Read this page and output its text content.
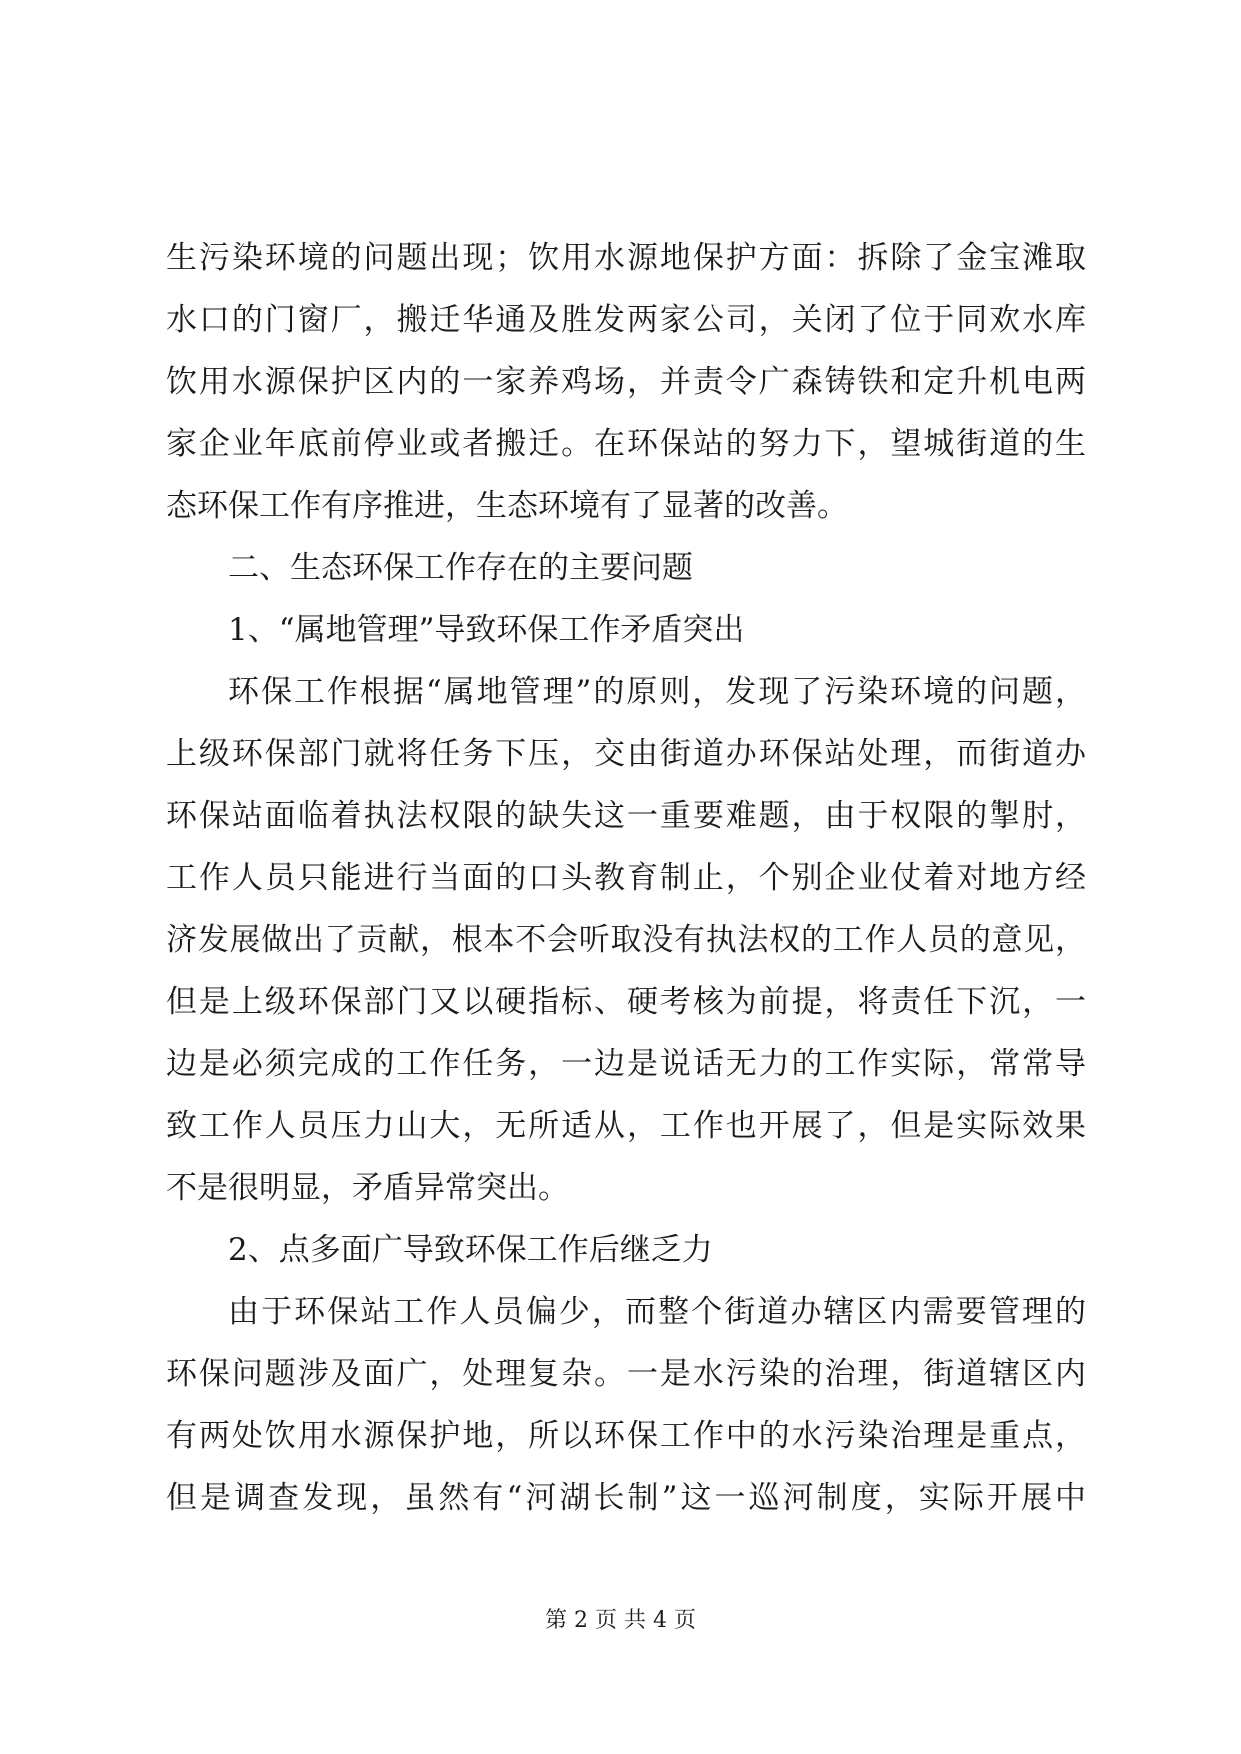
生污染环境的问题出现；饮用水源地保护方面：拆除了金宝滩取
水口的门窗厂，搬迁华通及胜发两家公司，关闭了位于同欢水库
饮用水源保护区内的一家养鸡场，并责令广森铸铁和定升机电两
家企业年底前停业或者搬迁。在环保站的努力下，望城街道的生
态环保工作有序推进，生态环境有了显著的改善。
二、生态环保工作存在的主要问题
1、“属地管理”导致环保工作矛盾突出
环保工作根据“属地管理”的原则，发现了污染环境的问题，
上级环保部门就将任务下压，交由街道办环保站处理，而街道办
环保站面临着执法权限的缺失这一重要难题，由于权限的掣肘，
工作人员只能进行当面的口头教育制止，个别企业仗着对地方经
济发展做出了贡献，根本不会听取没有执法权的工作人员的意见，
但是上级环保部门又以硬指标、硬考核为前提，将责任下沉，一
边是必须完成的工作任务，一边是说话无力的工作实际，常常导
致工作人员压力山大，无所适从，工作也开展了，但是实际效果
不是很明显，矛盾异常突出。
2、点多面广导致环保工作后继乏力
由于环保站工作人员偏少，而整个街道办辖区内需要管理的
环保问题涉及面广，处理复杂。一是水污染的治理，街道辖区内
有两处饮用水源保护地，所以环保工作中的水污染治理是重点，
但是调查发现，虽然有“河湖长制”这一巡河制度，实际开展中
第 2 页 共 4 页
